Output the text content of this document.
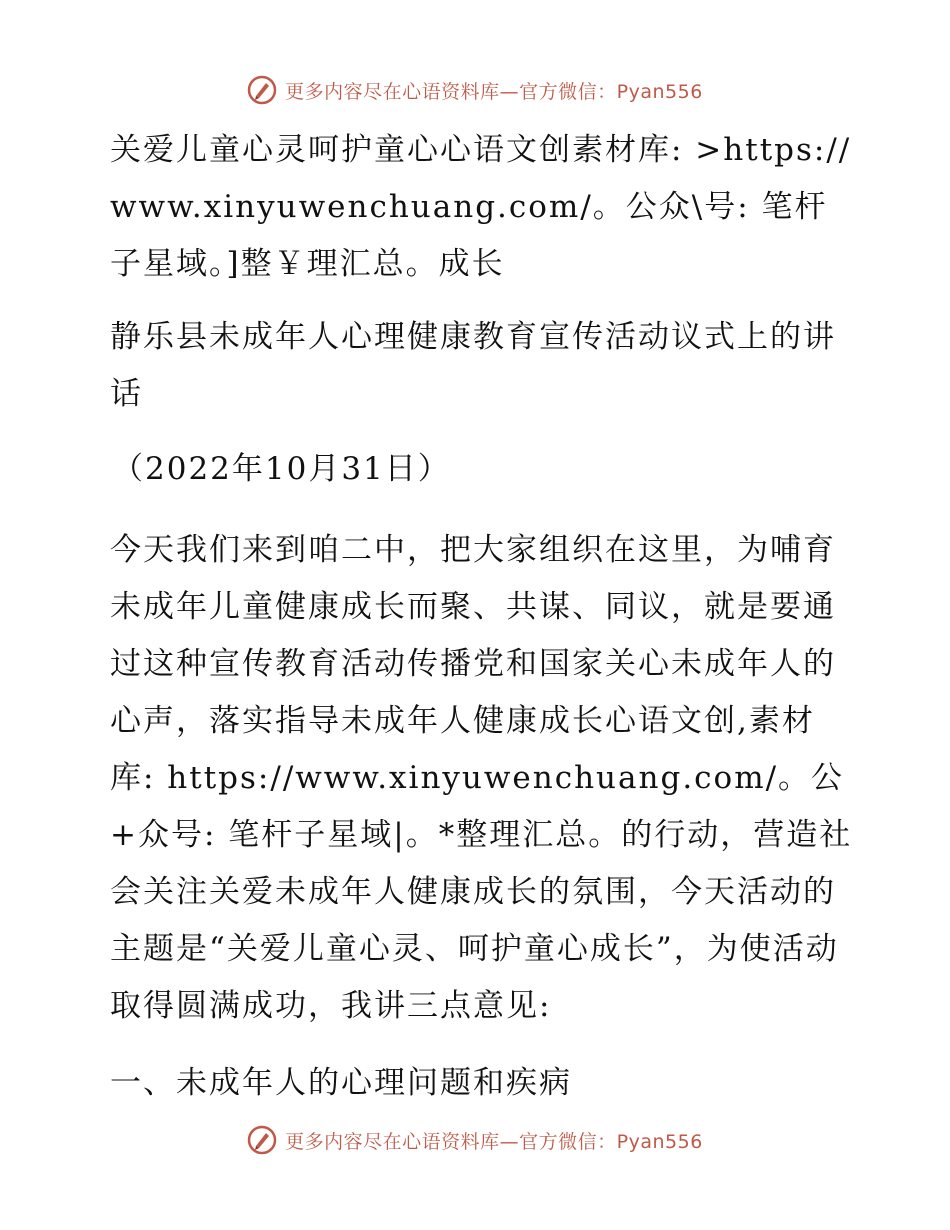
更多内容尽在心语资料库—官方微信：Pyan556

关爱儿童心灵呵护童心心语文创素材库: >https://www.xinyuwenchuang.com/。公众\号: 笔杆子星域。]整￥理汇总。成长

静乐县未成年人心理健康教育宣传活动议式上的讲话

（2022年10月31日）

今天我们来到咱二中，把大家组织在这里，为哺育未成年儿童健康成长而聚、共谋、同议，就是要通过这种宣传教育活动传播党和国家关心未成年人的心声，落实指导未成年人健康成长心语文创,素材库: https://www.xinyuwenchuang.com/。公+众号: 笔杆子星域|。*整理汇总。的行动，营造社会关注关爱未成年人健康成长的氛围，今天活动的主题是“关爱儿童心灵、呵护童心成长”，为使活动取得圆满成功，我讲三点意见:

一、未成年人的心理问题和疾病

更多内容尽在心语资料库—官方微信：Pyan556
